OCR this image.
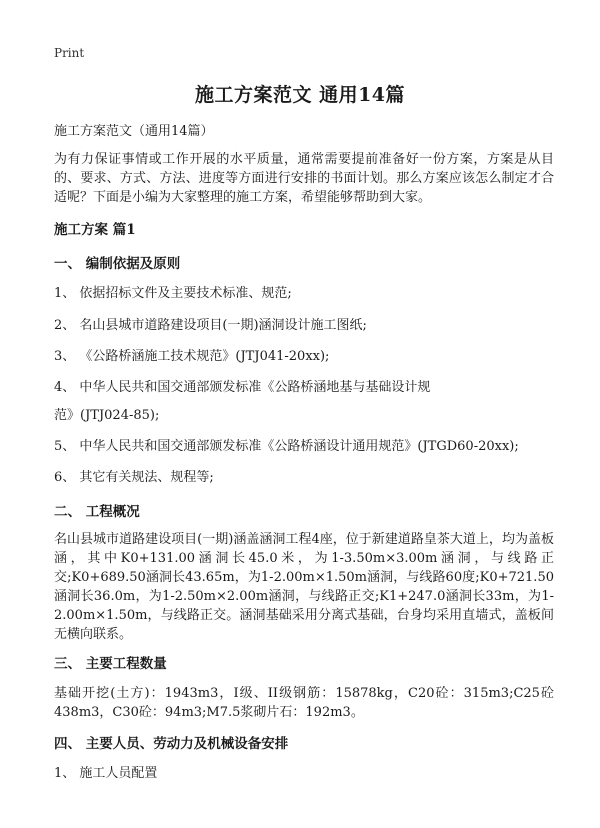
Print
施工方案范文 通用14篇
施工方案范文（通用14篇）
为有力保证事情或工作开展的水平质量，通常需要提前准备好一份方案，方案是从目的、要求、方式、方法、进度等方面进行安排的书面计划。那么方案应该怎么制定才合适呢？下面是小编为大家整理的施工方案，希望能够帮助到大家。
施工方案 篇1
一、 编制依据及原则
1、 依据招标文件及主要技术标准、规范;
2、 名山县城市道路建设项目(一期)涵洞设计施工图纸;
3、 《公路桥涵施工技术规范》(JTJ041-20xx);
4、 中华人民共和国交通部颁发标准《公路桥涵地基与基础设计规
范》(JTJ024-85);
5、 中华人民共和国交通部颁发标准《公路桥涵设计通用规范》(JTGD60-20xx);
6、 其它有关规法、规程等;
二、 工程概况
名山县城市道路建设项目(一期)涵盖涵洞工程4座，位于新建道路皇茶大道上，均为盖板涵，其中K0+131.00涵洞长45.0米，为1-3.50m×3.00m涵洞，与线路正交;K0+689.50涵洞长43.65m，为1-2.00m×1.50m涵洞，与线路60度;K0+721.50涵洞长36.0m，为1-2.50m×2.00m涵洞，与线路正交;K1+247.0涵洞长33m，为1-2.00m×1.50m，与线路正交。涵洞基础采用分离式基础，台身均采用直墙式，盖板间无横向联系。
三、 主要工程数量
基础开挖(土方)：1943m3，I级、II级钢筋：15878kg，C20砼：315m3;C25砼438m3，C30砼：94m3;M7.5浆砌片石：192m3。
四、 主要人员、劳动力及机械设备安排
1、 施工人员配置
